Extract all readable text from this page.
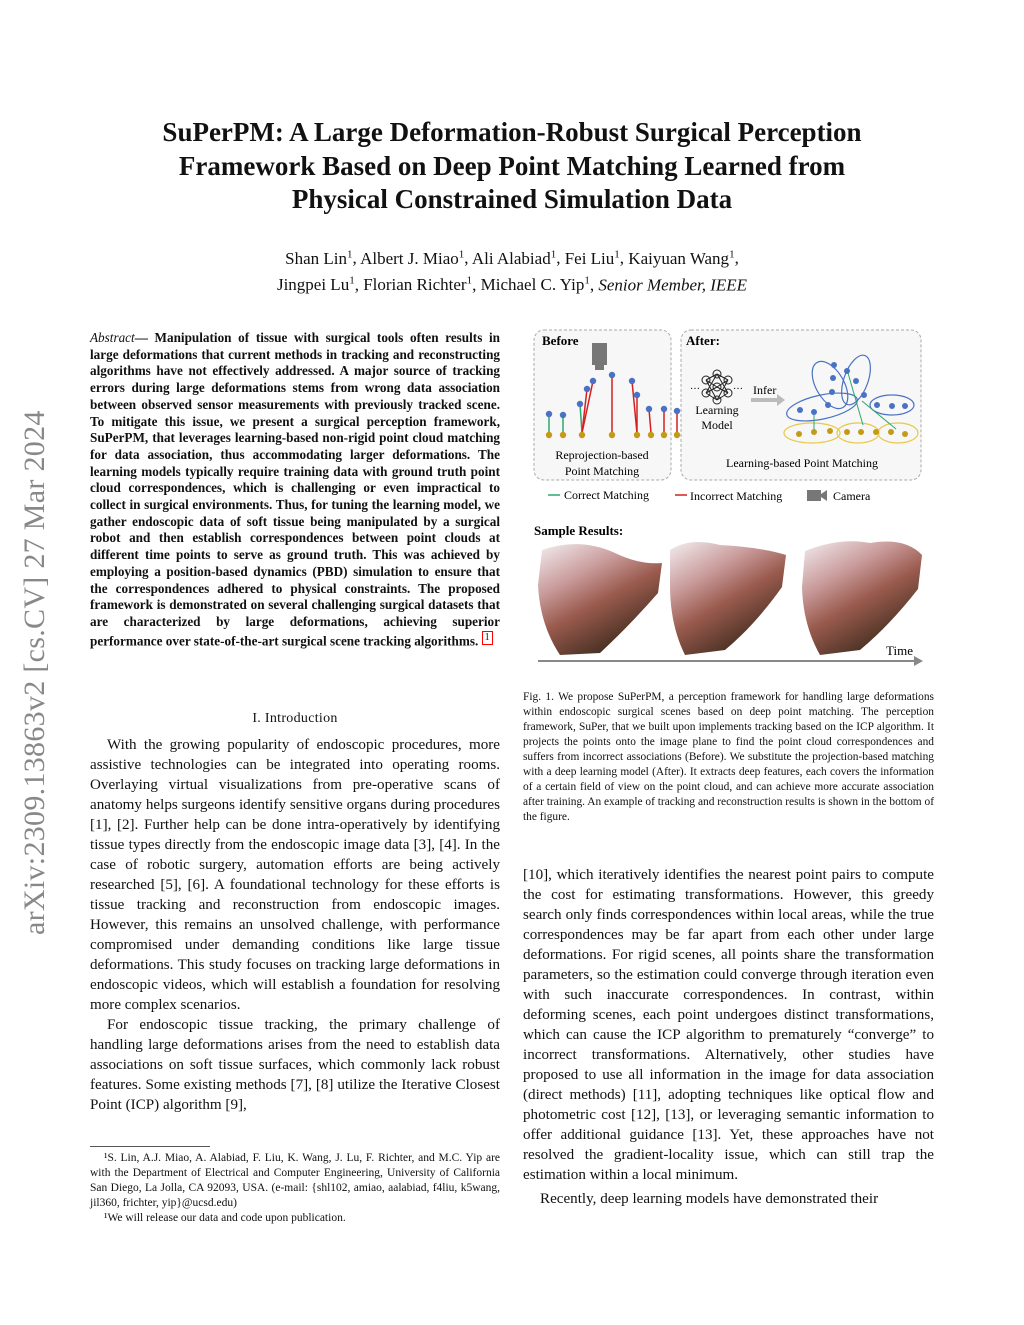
arXiv:2309.13863v2 [cs.CV] 27 Mar 2024
SuPerPM: A Large Deformation-Robust Surgical Perception Framework Based on Deep Point Matching Learned from Physical Constrained Simulation Data
Shan Lin$^1$, Albert J. Miao$^1$, Ali Alabiad$^1$, Fei Liu$^1$, Kaiyuan Wang$^1$,
Jingpei Lu$^1$, Florian Richter$^1$, Michael C. Yip$^1$, Senior Member, IEEE
Abstract— Manipulation of tissue with surgical tools often results in large deformations that current methods in tracking and reconstructing algorithms have not effectively addressed. A major source of tracking errors during large deformations stems from wrong data association between observed sensor measurements with previously tracked scene. To mitigate this issue, we present a surgical perception framework, SuPerPM, that leverages learning-based non-rigid point cloud matching for data association, thus accommodating larger deformations. The learning models typically require training data with ground truth point cloud correspondences, which is challenging or even impractical to collect in surgical environments. Thus, for tuning the learning model, we gather endoscopic data of soft tissue being manipulated by a surgical robot and then establish correspondences between point clouds at different time points to serve as ground truth. This was achieved by employing a position-based dynamics (PBD) simulation to ensure that the correspondences adhered to physical constraints. The proposed framework is demonstrated on several challenging surgical datasets that are characterized by large deformations, achieving superior performance over state-of-the-art surgical scene tracking algorithms. 1
I. Introduction

With the growing popularity of endoscopic procedures, more assistive technologies can be integrated into operating rooms. Overlaying virtual visualizations from pre-operative scans of anatomy helps surgeons identify sensitive organs during procedures [1], [2]. Further help can be done intra-operatively by identifying tissue types directly from the endoscopic image data [3], [4]. In the case of robotic surgery, automation efforts are being actively researched [5], [6]. A foundational technology for these efforts is tissue tracking and reconstruction from endoscopic images. However, this remains an unsolved challenge, with performance compromised under demanding conditions like large tissue deformations. This study focuses on tracking large deformations in endoscopic videos, which will establish a foundation for resolving more complex scenarios.

For endoscopic tissue tracking, the primary challenge of handling large deformations arises from the need to establish data associations on soft tissue surfaces, which commonly lack robust features. Some existing methods [7], [8] utilize the Iterative Closest Point (ICP) algorithm [9],

¹S. Lin, A.J. Miao, A. Alabiad, F. Liu, K. Wang, J. Lu, F. Richter, and M.C. Yip are with the Department of Electrical and Computer Engineering, University of California San Diego, La Jolla, CA 92093, USA. (e-mail: {shl102, amiao, aalabiad, f4liu, k5wang, jil360, frichter, yip}@ucsd.edu)

¹We will release our data and code upon publication.

Before	After:
Reprojection-based
Point Matching
…	…
Learning
Model
Infer
Learning-based Point Matching
Correct Matching	Incorrect Matching	Camera
Sample Results:
Time
Fig. 1. We propose SuPerPM, a perception framework for handling large deformations within endoscopic surgical scenes based on deep point matching. The perception framework, SuPer, that we built upon implements tracking based on the ICP algorithm. It projects the points onto the image plane to find the point cloud correspondences and suffers from incorrect associations (Before). We substitute the projection-based matching with a deep learning model (After). It extracts deep features, each covers the information of a certain field of view on the point cloud, and can achieve more accurate association after training. An example of tracking and reconstruction results is shown in the bottom of the figure.

[10], which iteratively identifies the nearest point pairs to compute the cost for estimating transformations. However, this greedy search only finds correspondences within local areas, while the true correspondences may be far apart from each other under large deformations. For rigid scenes, all points share the transformation parameters, so the estimation could converge through iteration even with such inaccurate correspondences. In contrast, within deforming scenes, each point undergoes distinct transformations, which can cause the ICP algorithm to prematurely “converge” to incorrect transformations. Alternatively, other studies have proposed to use all information in the image for data association (direct methods) [11], adopting techniques like optical flow and photometric cost [12], [13], or leveraging semantic information to offer additional guidance [13]. Yet, these approaches have not resolved the gradient-locality issue, which can still trap the estimation within a local minimum.

Recently, deep learning models have demonstrated their
